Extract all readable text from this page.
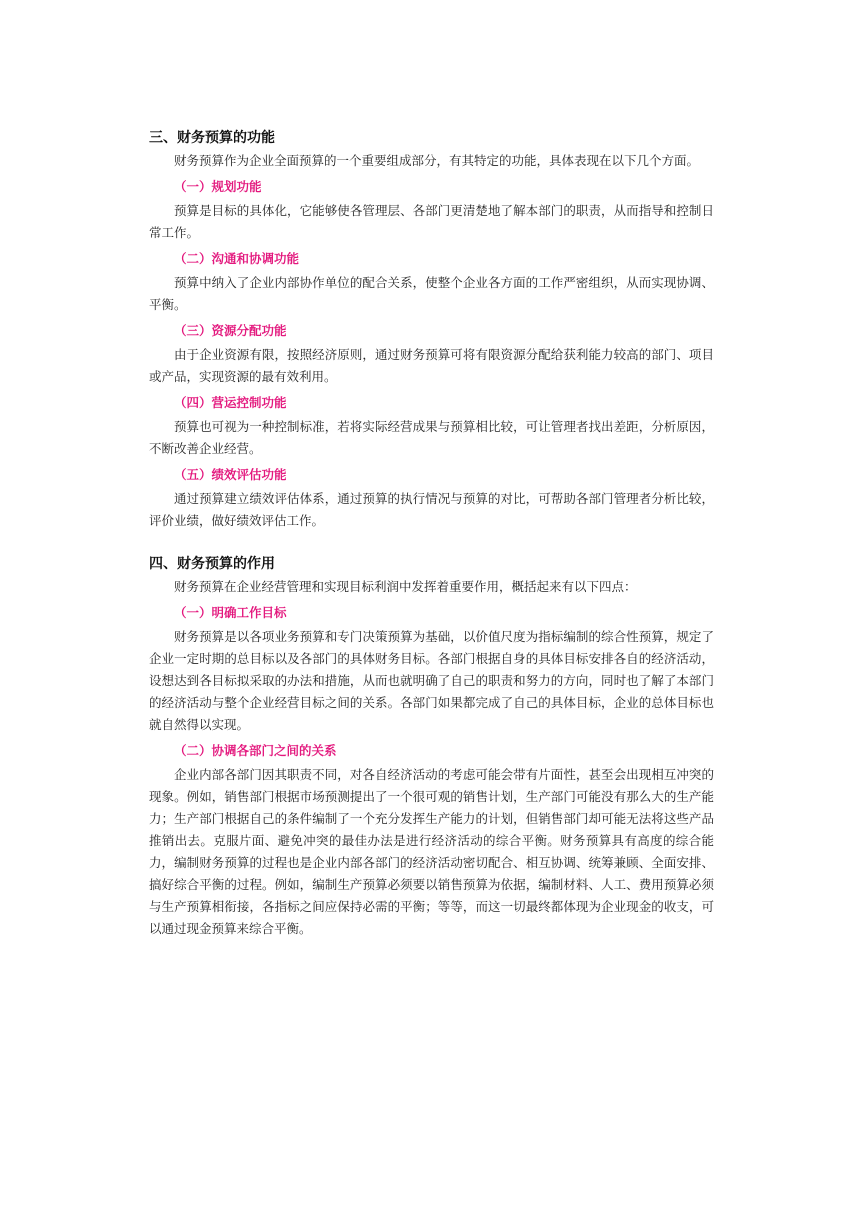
三、财务预算的功能

财务预算作为企业全面预算的一个重要组成部分，有其特定的功能，具体表现在以下几个方面。

（一）规划功能

预算是目标的具体化，它能够使各管理层、各部门更清楚地了解本部门的职责，从而指导和控制日常工作。

（二）沟通和协调功能

预算中纳入了企业内部协作单位的配合关系，使整个企业各方面的工作严密组织，从而实现协调、平衡。

（三）资源分配功能

由于企业资源有限，按照经济原则，通过财务预算可将有限资源分配给获利能力较高的部门、项目或产品，实现资源的最有效利用。

（四）营运控制功能

预算也可视为一种控制标准，若将实际经营成果与预算相比较，可让管理者找出差距，分析原因，不断改善企业经营。

（五）绩效评估功能

通过预算建立绩效评估体系，通过预算的执行情况与预算的对比，可帮助各部门管理者分析比较，评价业绩，做好绩效评估工作。

四、财务预算的作用

财务预算在企业经营管理和实现目标利润中发挥着重要作用，概括起来有以下四点：

（一）明确工作目标

财务预算是以各项业务预算和专门决策预算为基础，以价值尺度为指标编制的综合性预算，规定了企业一定时期的总目标以及各部门的具体财务目标。各部门根据自身的具体目标安排各自的经济活动，设想达到各目标拟采取的办法和措施，从而也就明确了自己的职责和努力的方向，同时也了解了本部门的经济活动与整个企业经营目标之间的关系。各部门如果都完成了自己的具体目标，企业的总体目标也就自然得以实现。

（二）协调各部门之间的关系

企业内部各部门因其职责不同，对各自经济活动的考虑可能会带有片面性，甚至会出现相互冲突的现象。例如，销售部门根据市场预测提出了一个很可观的销售计划，生产部门可能没有那么大的生产能力；生产部门根据自己的条件编制了一个充分发挥生产能力的计划，但销售部门却可能无法将这些产品推销出去。克服片面、避免冲突的最佳办法是进行经济活动的综合平衡。财务预算具有高度的综合能力，编制财务预算的过程也是企业内部各部门的经济活动密切配合、相互协调、统筹兼顾、全面安排、搞好综合平衡的过程。例如，编制生产预算必须要以销售预算为依据，编制材料、人工、费用预算必须与生产预算相衔接，各指标之间应保持必需的平衡；等等，而这一切最终都体现为企业现金的收支，可以通过现金预算来综合平衡。
